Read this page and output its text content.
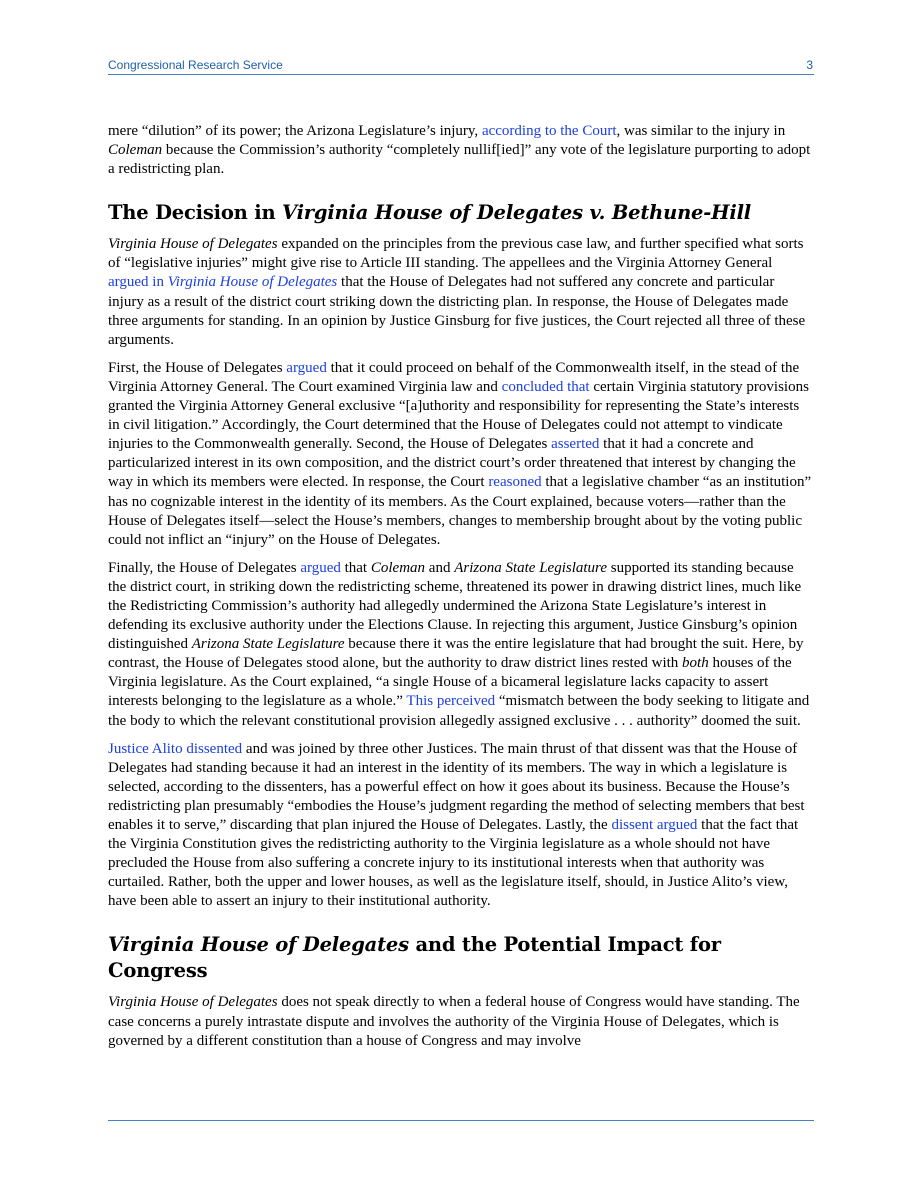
Congressional Research Service	3

mere “dilution” of its power; the Arizona Legislature’s injury, according to the Court, was similar to the injury in Coleman because the Commission’s authority “completely nullif[ied]” any vote of the legislature purporting to adopt a redistricting plan.

The Decision in Virginia House of Delegates v. Bethune-Hill

Virginia House of Delegates expanded on the principles from the previous case law, and further specified what sorts of “legislative injuries” might give rise to Article III standing. The appellees and the Virginia Attorney General argued in Virginia House of Delegates that the House of Delegates had not suffered any concrete and particular injury as a result of the district court striking down the districting plan. In response, the House of Delegates made three arguments for standing. In an opinion by Justice Ginsburg for five justices, the Court rejected all three of these arguments.

First, the House of Delegates argued that it could proceed on behalf of the Commonwealth itself, in the stead of the Virginia Attorney General. The Court examined Virginia law and concluded that certain Virginia statutory provisions granted the Virginia Attorney General exclusive “[a]uthority and responsibility for representing the State’s interests in civil litigation.” Accordingly, the Court determined that the House of Delegates could not attempt to vindicate injuries to the Commonwealth generally. Second, the House of Delegates asserted that it had a concrete and particularized interest in its own composition, and the district court’s order threatened that interest by changing the way in which its members were elected. In response, the Court reasoned that a legislative chamber “as an institution” has no cognizable interest in the identity of its members. As the Court explained, because voters—rather than the House of Delegates itself—select the House’s members, changes to membership brought about by the voting public could not inflict an “injury” on the House of Delegates.

Finally, the House of Delegates argued that Coleman and Arizona State Legislature supported its standing because the district court, in striking down the redistricting scheme, threatened its power in drawing district lines, much like the Redistricting Commission’s authority had allegedly undermined the Arizona State Legislature’s interest in defending its exclusive authority under the Elections Clause. In rejecting this argument, Justice Ginsburg’s opinion distinguished Arizona State Legislature because there it was the entire legislature that had brought the suit. Here, by contrast, the House of Delegates stood alone, but the authority to draw district lines rested with both houses of the Virginia legislature. As the Court explained, “a single House of a bicameral legislature lacks capacity to assert interests belonging to the legislature as a whole.” This perceived “mismatch between the body seeking to litigate and the body to which the relevant constitutional provision allegedly assigned exclusive . . . authority” doomed the suit.

Justice Alito dissented and was joined by three other Justices. The main thrust of that dissent was that the House of Delegates had standing because it had an interest in the identity of its members. The way in which a legislature is selected, according to the dissenters, has a powerful effect on how it goes about its business. Because the House’s redistricting plan presumably “embodies the House’s judgment regarding the method of selecting members that best enables it to serve,” discarding that plan injured the House of Delegates. Lastly, the dissent argued that the fact that the Virginia Constitution gives the redistricting authority to the Virginia legislature as a whole should not have precluded the House from also suffering a concrete injury to its institutional interests when that authority was curtailed. Rather, both the upper and lower houses, as well as the legislature itself, should, in Justice Alito’s view, have been able to assert an injury to their institutional authority.

Virginia House of Delegates and the Potential Impact for Congress

Virginia House of Delegates does not speak directly to when a federal house of Congress would have standing. The case concerns a purely intrastate dispute and involves the authority of the Virginia House of Delegates, which is governed by a different constitution than a house of Congress and may involve
